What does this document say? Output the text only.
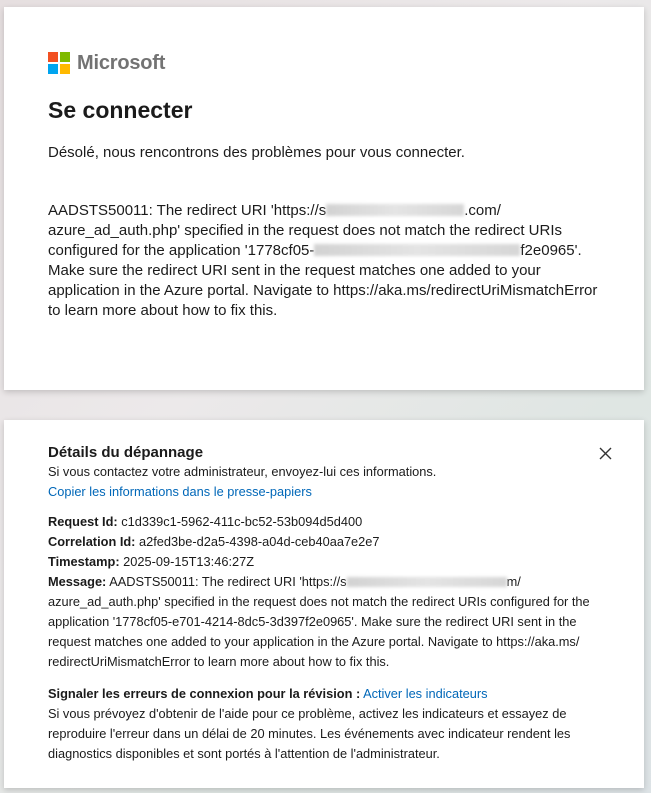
Microsoft
Se connecter

Désolé, nous rencontrons des problèmes pour vous connecter.

AADSTS50011: The redirect URI 'https://s	.com/ azure_ad_auth.php' specified in the request does not match the redirect URIs configured for the application '1778cf05-	f2e0965'. Make sure the redirect URI sent in the request matches one added to your application in the Azure portal. Navigate to https://aka.ms/redirectUriMismatchError to learn more about how to fix this.

Détails du dépannage

Si vous contactez votre administrateur, envoyez-lui ces informations.
Copier les informations dans le presse-papiers
Request Id: c1d339c1-5962-411c-bc52-53b094d5d400
Correlation Id: a2fed3be-d2a5-4398-a04d-ceb40aa7e2e7
Timestamp: 2025-09-15T13:46:27Z
Message: AADSTS50011: The redirect URI 'https://s	m/ azure_ad_auth.php' specified in the request does not match the redirect URIs configured for the application '1778cf05-e701-4214-8dc5-3d397f2e0965'. Make sure the redirect URI sent in the request matches one added to your application in the Azure portal. Navigate to https://aka.ms/ redirectUriMismatchError to learn more about how to fix this.
Signaler les erreurs de connexion pour la révision : Activer les indicateurs
Si vous prévoyez d'obtenir de l'aide pour ce problème, activez les indicateurs et essayez de reproduire l'erreur dans un délai de 20 minutes. Les événements avec indicateur rendent les diagnostics disponibles et sont portés à l'attention de l'administrateur.
